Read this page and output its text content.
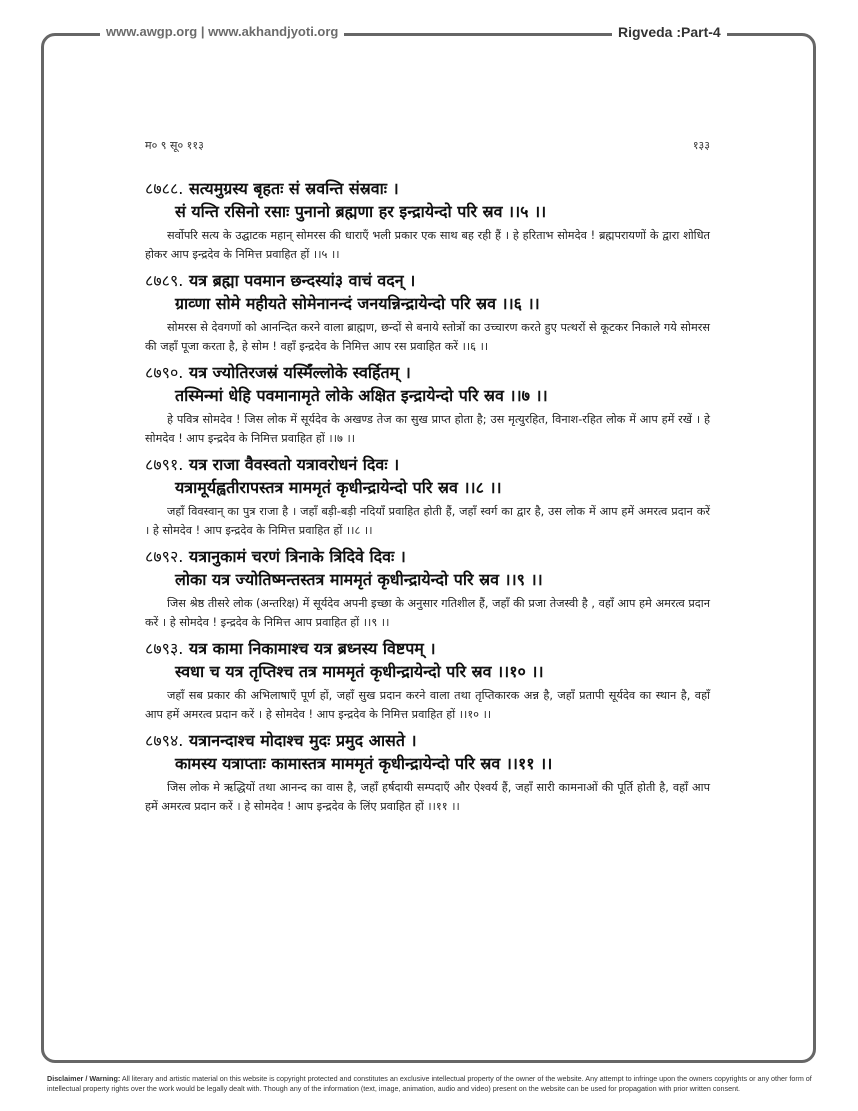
www.awgp.org | www.akhandjyoti.org	Rigveda :Part-4
म० ९ सू० ११३	१३३
८७८८. सत्यमुग्रस्य बृहतः सं स्रवन्ति संस्रवाः ।
सं यन्ति रसिनो रसाः पुनानो ब्रह्मणा हर इन्द्रायेन्दो परि स्रव ।।५ ।।

सर्वोपरि सत्य के उद्घाटक महान् सोमरस की धाराएँ भली प्रकार एक साथ बह रही हैं । हे हरिताभ सोमदेव ! ब्रह्मपरायणों के द्वारा शोधित होकर आप इन्द्रदेव के निमित्त प्रवाहित हों ।।५ ।।

८७८९. यत्र ब्रह्मा पवमान छन्दस्यां३ वाचं वदन् ।
ग्राव्णा सोमे महीयते सोमेनानन्दं जनयन्निन्द्रायेन्दो परि स्रव ।।६ ।।

सोमरस से देवगणों को आनन्दित करने वाला ब्राह्मण, छन्दों से बनाये स्तोत्रों का उच्चारण करते हुए पत्थरों से कूटकर निकाले गये सोमरस की जहाँ पूजा करता है, हे सोम ! वहाँ इन्द्रदेव के निमित्त आप रस प्रवाहित करें ।।६ ।।

८७९०. यत्र ज्योतिरजस्रं यस्मिँल्लोके स्वर्हितम् ।
तस्मिन्मां धेहि पवमानामृते लोके अक्षित इन्द्रायेन्दो परि स्रव ।।७ ।।

हे पवित्र सोमदेव ! जिस लोक में सूर्यदेव के अखण्ड तेज का सुख प्राप्त होता है; उस मृत्युरहित, विनाश-रहित लोक में आप हमें रखें । हे सोमदेव ! आप इन्द्रदेव के निमित्त प्रवाहित हों ।।७ ।।

८७९१. यत्र राजा वैवस्वतो यत्रावरोधनं दिवः ।
यत्रामूर्यह्वतीरापस्तत्र माममृतं कृधीन्द्रायेन्दो परि स्रव ।।८ ।।

जहाँ विवस्वान् का पुत्र राजा है । जहाँ बड़ी-बड़ी नदियाँ प्रवाहित होती हैं, जहाँ स्वर्ग का द्वार है, उस लोक में आप हमें अमरत्व प्रदान करें । हे सोमदेव ! आप इन्द्रदेव के निमित्त प्रवाहित हों ।।८ ।।

८७९२. यत्रानुकामं चरणं त्रिनाके त्रिदिवे दिवः ।
लोका यत्र ज्योतिष्मन्तस्तत्र माममृतं कृधीन्द्रायेन्दो परि स्रव ।।९ ।।

जिस श्रेष्ठ तीसरे लोक (अन्तरिक्ष) में सूर्यदेव अपनी इच्छा के अनुसार गतिशील हैं, जहाँ की प्रजा तेजस्वी है , वहाँ आप हमे अमरत्व प्रदान करें । हे सोमदेव ! इन्द्रदेव के निमित्त आप प्रवाहित हों ।।९ ।।

८७९३. यत्र कामा निकामाश्च यत्र ब्रध्नस्य विष्टपम् ।
स्वधा च यत्र तृप्तिश्च तत्र माममृतं कृधीन्द्रायेन्दो परि स्रव ।।१० ।।

जहाँ सब प्रकार की अभिलाषाएँ पूर्ण हों, जहाँ सुख प्रदान करने वाला तथा तृप्तिकारक अन्न है, जहाँ प्रतापी सूर्यदेव का स्थान है, वहाँ आप हमें अमरत्व प्रदान करें । हे सोमदेव ! आप इन्द्रदेव के निमित्त प्रवाहित हों ।।१० ।।

८७९४. यत्रानन्दाश्च मोदाश्च मुदः प्रमुद आसते ।
कामस्य यत्राप्ताः कामास्तत्र माममृतं कृधीन्द्रायेन्दो परि स्रव ।।११ ।।

जिस लोक मे ऋद्धियों तथा आनन्द का वास है, जहाँ हर्षदायी सम्पदाएँ और ऐश्वर्य हैं, जहाँ सारी कामनाओं की पूर्ति होती है, वहाँ आप हमें अमरत्व प्रदान करें । हे सोमदेव ! आप इन्द्रदेव के लिंए प्रवाहित हों ।।११ ।।

Disclaimer / Warning: All literary and artistic material on this website is copyright protected and constitutes an exclusive intellectual property of the owner of the website. Any attempt to infringe upon the owners copyrights or any other form of intellectual property rights over the work would be legally dealt with. Though any of the information (text, image, animation, audio and video) present on the website can be used for propagation with prior written consent.
